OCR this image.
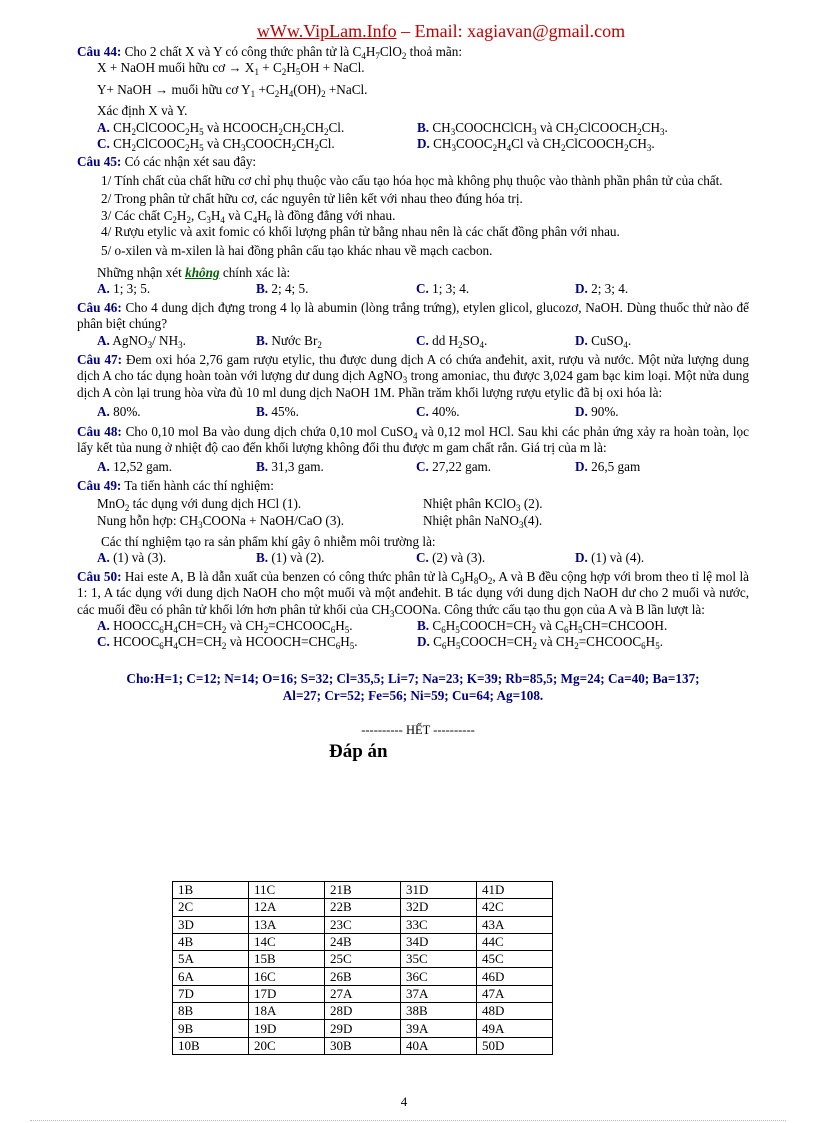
wWw.VipLam.Info – Email: xagiavan@gmail.com

Câu 44: Cho 2 chất X và Y có công thức phân tử là $C_4H_7ClO_2$ thoả mãn:

X + NaOH muối hữu cơ → $X_1 + C_2H_5OH$ + NaCl.

Y+ NaOH → muối hữu cơ $Y_1 +C_2H_4(OH)_2$ +NaCl.

Xác định X và Y.

A. $CH_2ClCOOC_2H_5$ và $HCOOCH_2CH_2CH_2Cl$.	B. $CH_3COOCHClCH_3$ và $CH_2ClCOOCH_2CH_3$.
C. $CH_2ClCOOC_2H_5$ và $CH_3COOCH_2CH_2Cl$.	D. $CH_3COOC_2H_4Cl$ và $CH_2ClCOOCH_2CH_3$.

Câu 45: Có các nhận xét sau đây:

1/ Tính chất của chất hữu cơ chỉ phụ thuộc vào cấu tạo hóa học mà không phụ thuộc vào thành phần phân tử của chất.

2/ Trong phân tử chất hữu cơ, các nguyên tử liên kết với nhau theo đúng hóa trị.

3/ Các chất $C_2H_2$, $C_3H_4$ và $C_4H_6$ là đồng đẳng với nhau.

4/ Rượu etylic và axit fomic có khối lượng phân tử bằng nhau nên là các chất đồng phân với nhau.

5/ o-xilen và m-xilen là hai đồng phân cấu tạo khác nhau về mạch cacbon.

Những nhận xét không chính xác là:

A. 1; 3; 5.	B. 2; 4; 5.	C. 1; 3; 4.	D. 2; 3; 4.

Câu 46: Cho 4 dung dịch đựng trong 4 lọ là abumin (lòng trắng trứng), etylen glicol, glucozơ, NaOH. Dùng thuốc thử nào để phân biệt chúng?

A. AgNO$_3$/ $NH_3$.	B. Nước $Br_2$	C. dd $H_2SO_4$.	D. CuSO$_4$.

Câu 47: Đem oxi hóa 2,76 gam rượu etylic, thu được dung dịch A có chứa anđehit, axit, rượu và nước. Một nửa lượng dung dịch A cho tác dụng hoàn toàn với lượng dư dung dịch AgNO$_3$ trong amoniac, thu được 3,024 gam bạc kim loại. Một nửa dung dịch A còn lại trung hòa vừa đủ 10 ml dung dịch NaOH 1M. Phần trăm khối lượng rượu etylic đã bị oxi hóa là:

A. 80%.	B. 45%.	C. 40%.	D. 90%.

Câu 48: Cho 0,10 mol Ba vào dung dịch chứa 0,10 mol CuSO$_4$ và 0,12 mol HCl. Sau khi các phản ứng xảy ra hoàn toàn, lọc lấy kết tủa nung ở nhiệt độ cao đến khối lượng không đổi thu được m gam chất rắn. Giá trị của m là:

A. 12,52 gam.	B. 31,3 gam.	C. 27,22 gam.	D. 26,5 gam

Câu 49: Ta tiến hành các thí nghiệm:

MnO$_2$ tác dụng với dung dịch HCl (1).	Nhiệt phân KClO$_3$ (2).
Nung hỗn hợp: $CH_3COONa$ + NaOH/CaO (3).	Nhiệt phân NaNO$_3$(4).

Các thí nghiệm tạo ra sản phẩm khí gây ô nhiễm môi trường là:

A. (1) và (3).	B. (1) và (2).	C. (2) và (3).	D. (1) và (4).

Câu 50: Hai este A, B là dẫn xuất của benzen có công thức phân tử là $C_9H_8O_2$, A và B đều cộng hợp với brom theo tỉ lệ mol là 1: 1, A tác dụng với dung dịch NaOH cho một muối và một anđehit. B tác dụng với dung dịch NaOH dư cho 2 muối và nước, các muối đều có phân tử khối lớn hơn phân tử khối của $CH_3COONa$. Công thức cấu tạo thu gọn của A và B lần lượt là:

A. $HOOCC_6H_4CH=CH_2$ và $CH_2=CHCOOC_6H_5$.	B. $C_6H_5COOCH=CH_2$ và $C_6H_5CH=CHCOOH$.
C. $HCOOC_6H_4CH=CH_2$ và $HCOOCH=CHC_6H_5$.	D. $C_6H_5COOCH=CH_2$ và $CH_2=CHCOOC_6H_5$.
Cho:H=1; C=12; N=14; O=16; S=32; Cl=35,5; Li=7; Na=23; K=39; Rb=85,5; Mg=24; Ca=40; Ba=137;
Al=27; Cr=52; Fe=56; Ni=59; Cu=64; Ag=108.
---------- HẾT ----------
Đáp án
1B	11C	21B	31D	41D
2C	12A	22B	32D	42C
3D	13A	23C	33C	43A
4B	14C	24B	34D	44C
5A	15B	25C	35C	45C
6A	16C	26B	36C	46D
7D	17D	27A	37A	47A
8B	18A	28D	38B	48D
9B	19D	29D	39A	49A
10B	20C	30B	40A	50D
4
